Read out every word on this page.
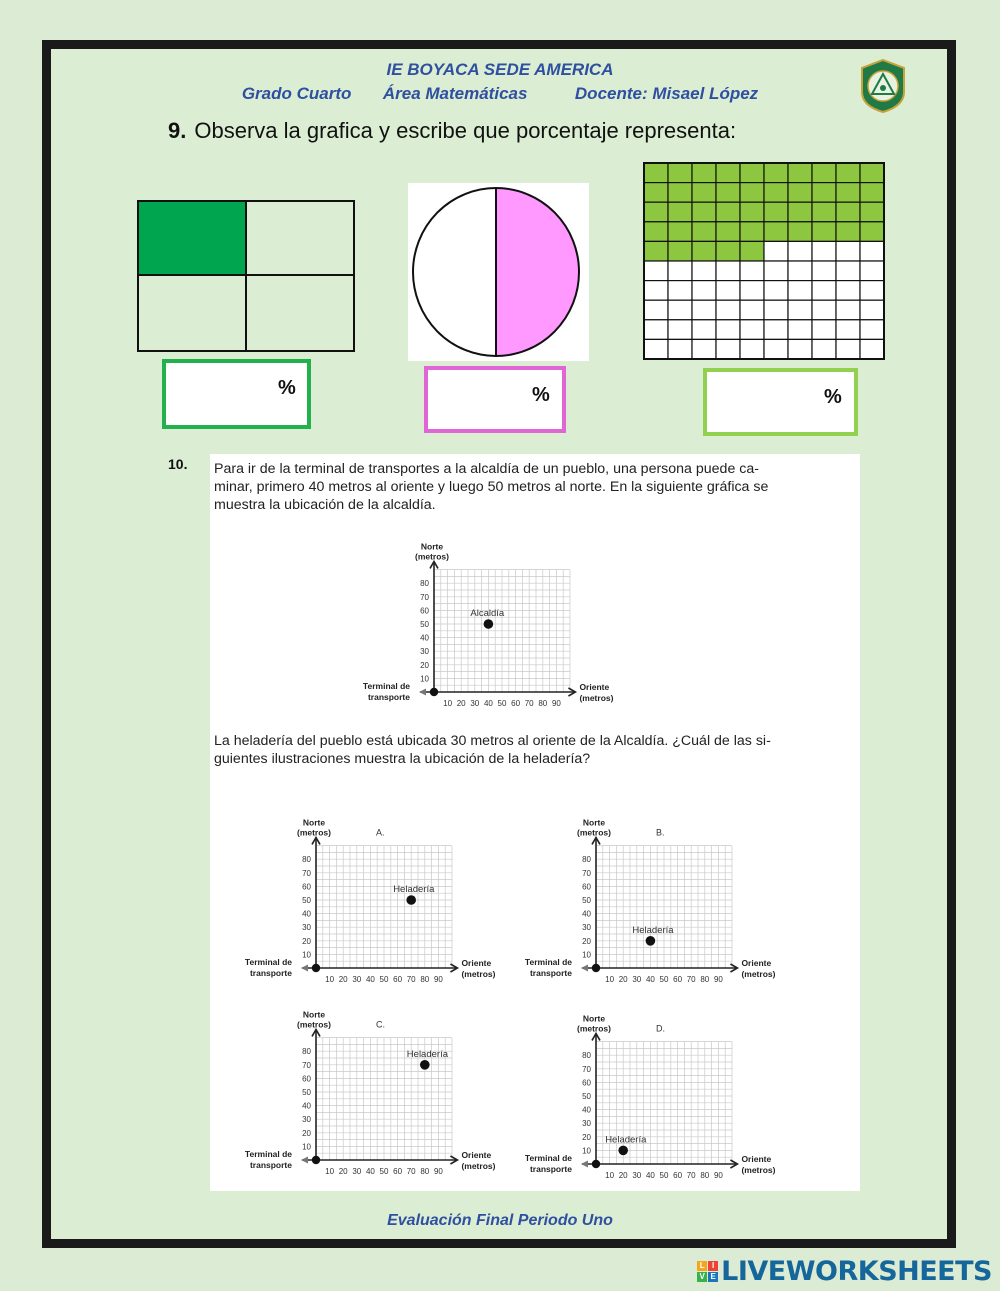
IE BOYACA SEDE AMERICA
Grado Cuarto Área Matemáticas	Docente: Misael López
9. Observa la grafica y escribe que porcentaje representa:
%	%	%
10. Para ir de la terminal de transportes a la alcaldía de un pueblo, una persona puede ca-
minar, primero 40 metros al oriente y luego 50 metros al norte. En la siguiente gráfica se
muestra la ubicación de la alcaldía.
La heladería del pueblo está ubicada 30 metros al oriente de la Alcaldía. ¿Cuál de las si-
guientes ilustraciones muestra la ubicación de la heladería?
10
20
30
40
50
60
70
80
10 20 30 40 50 60 70 80 90
Norte
(metros)
Oriente
(metros)
Terminal de
transporte
Alcaldía
10
20
30
40
50
60
70
80
10 20 30 40 50 60 70 80 90
Norte
(metros)
Oriente
(metros)
Terminal de
transporte
A.
Heladería
10
20
30
40
50
60
70
80
10 20 30 40 50 60 70 80 90
Norte
(metros)
Oriente
(metros)
Terminal de
transporte
B.
Heladería
10
20
30
40
50
60
70
80
10 20 30 40 50 60 70 80 90
Norte
(metros)
Oriente
(metros)
Terminal de
transporte
C.
Heladería
10
20
30
40
50
60
70
80
10 20 30 40 50 60 70 80 90
Norte
(metros)
Oriente
(metros)
Terminal de
transporte
D.
Heladería
Evaluación Final Periodo Uno
L I
V E LIVEWORKSHEETS
